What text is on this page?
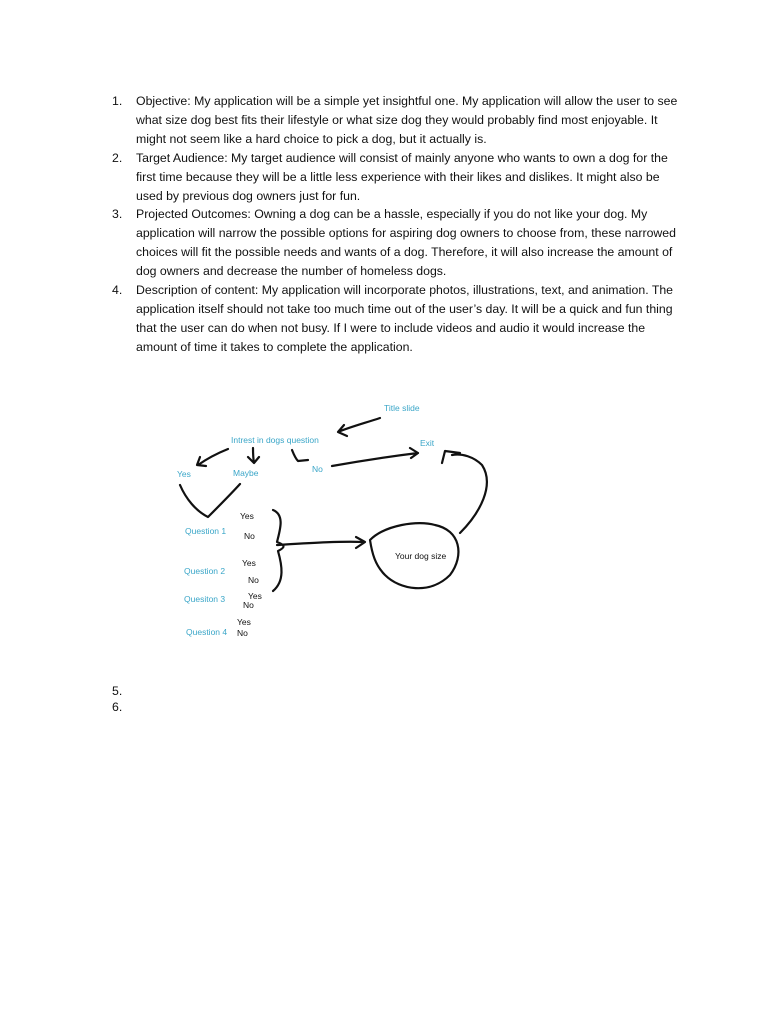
1. Objective: My application will be a simple yet insightful one. My application will allow the user to see what size dog best fits their lifestyle or what size dog they would probably find most enjoyable. It might not seem like a hard choice to pick a dog, but it actually is.
2. Target Audience: My target audience will consist of mainly anyone who wants to own a dog for the first time because they will be a little less experience with their likes and dislikes. It might also be used by previous dog owners just for fun.
3. Projected Outcomes: Owning a dog can be a hassle, especially if you do not like your dog. My application will narrow the possible options for aspiring dog owners to choose from, these narrowed choices will fit the possible needs and wants of a dog. Therefore, it will also increase the amount of dog owners and decrease the number of homeless dogs.
4. Description of content: My application will incorporate photos, illustrations, text, and animation. The application itself should not take too much time out of the user’s day. It will be a quick and fun thing that the user can do when not busy. If I were to include videos and audio it would increase the amount of time it takes to complete the application.
Title slide
Intrest in dogs question	Exit
Yes	Maybe	No
Question 1
Question 2
Quesiton 3
Question 4
Yes
No
Yes
No
Yes
No
Yes
No
Your dog size
5.
6.
